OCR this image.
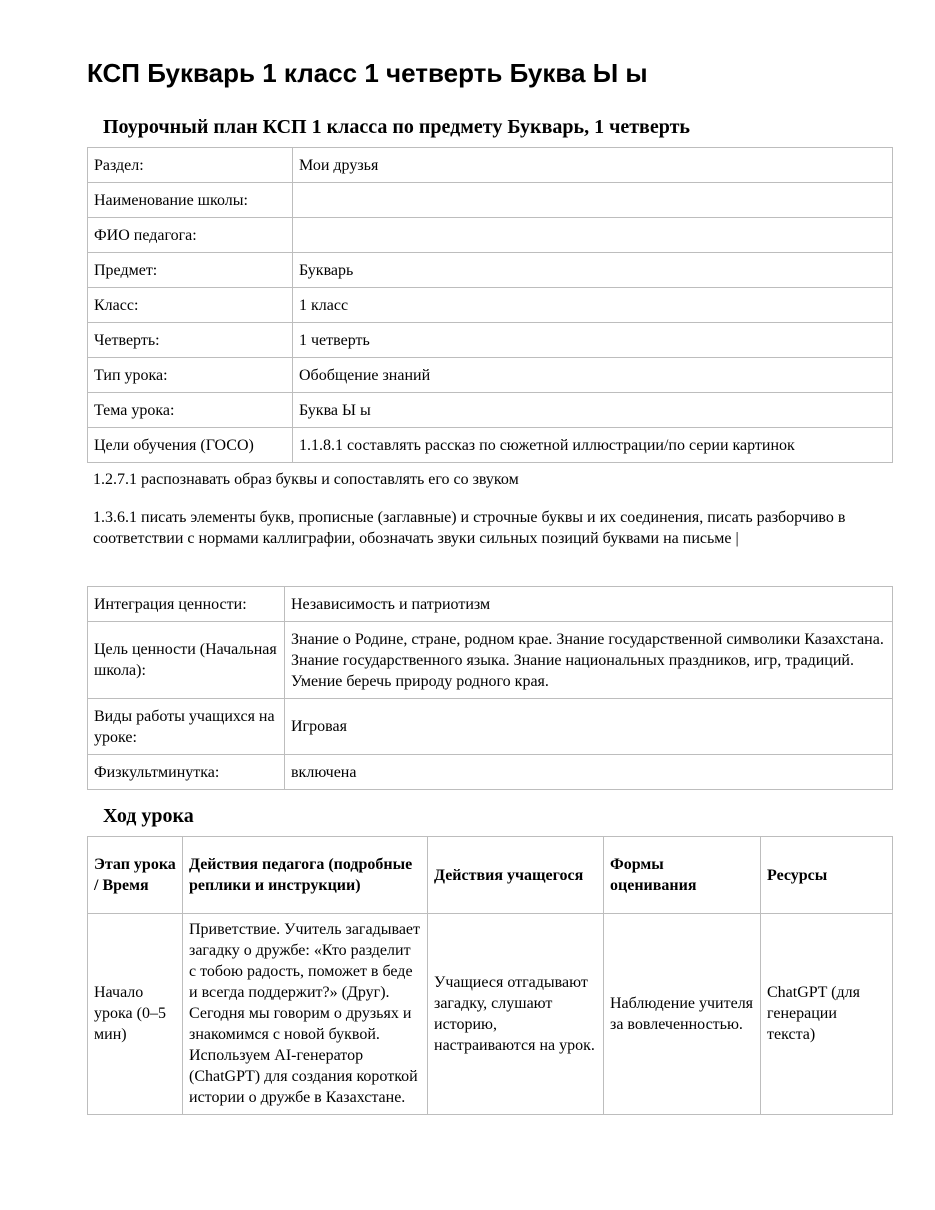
КСП Букварь 1 класс 1 четверть Буква Ы ы
Поурочный план КСП 1 класса по предмету Букварь, 1 четверть
Раздел:	Мои друзья
Наименование школы:	
ФИО педагога:	
Предмет:	Букварь
Класс:	1 класс
Четверть:	1 четверть
Тип урока:	Обобщение знаний
Тема урока:	Буква Ы ы
Цели обучения (ГОСО)	1.1.8.1 составлять рассказ по сюжетной иллюстрации/по серии картинок

1.2.7.1 распознавать образ буквы и сопоставлять его со звуком

1.3.6.1 писать элементы букв, прописные (заглавные) и строчные буквы и их соединения, писать разборчиво в соответствии с нормами каллиграфии, обозначать звуки сильных позиций буквами на письме |

Интеграция ценности:	Независимость и патриотизм
Цель ценности (Начальная школа):	Знание о Родине, стране, родном крае. Знание государственной символики Казахстана. Знание государственного языка. Знание национальных праздников, игр, традиций. Умение беречь природу родного края.
Виды работы учащихся на уроке:	Игровая
Физкультминутка:	включена
Ход урока
Этап урока / Время	Действия педагога (подробные реплики и инструкции)	Действия учащегося	Формы оценивания	Ресурсы
Начало урока (0–5 мин)	Приветствие. Учитель загадывает загадку о дружбе: «Кто разделит с тобою радость, поможет в беде и всегда поддержит?» (Друг). Сегодня мы говорим о друзьях и знакомимся с новой буквой. Используем AI-генератор (ChatGPT) для создания короткой истории о дружбе в Казахстане.	Учащиеся отгадывают загадку, слушают историю, настраиваются на урок.	Наблюдение учителя за вовлеченностью.	ChatGPT (для генерации текста)
